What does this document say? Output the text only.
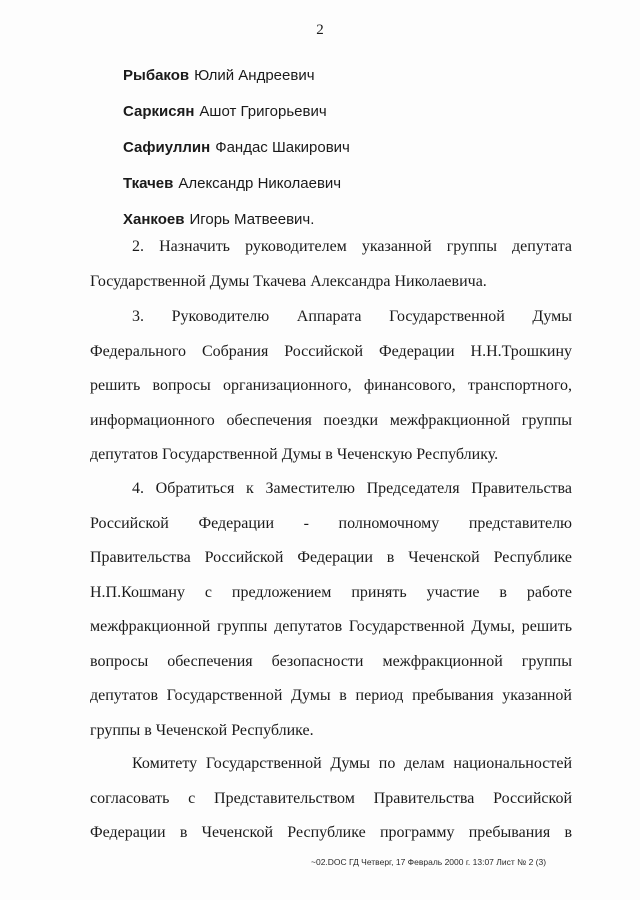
2
Рыбаков Юлий Андреевич
Саркисян Ашот Григорьевич
Сафиуллин Фандас Шакирович
Ткачев Александр Николаевич
Ханкоев Игорь Матвеевич.
2. Назначить руководителем указанной группы депутата
Государственной Думы Ткачева Александра Николаевича.
3. Руководителю Аппарата Государственной Думы
Федерального Собрания Российской Федерации Н.Н.Трошкину
решить вопросы организационного, финансового, транспортного,
информационного обеспечения поездки межфракционной группы
депутатов Государственной Думы в Чеченскую Республику.
4. Обратиться к Заместителю Председателя Правительства
Российской Федерации - полномочному представителю
Правительства Российской Федерации в Чеченской Республике
Н.П.Кошману с предложением принять участие в работе
межфракционной группы депутатов Государственной Думы, решить
вопросы обеспечения безопасности межфракционной группы
депутатов Государственной Думы в период пребывания указанной
группы в Чеченской Республике.
Комитету Государственной Думы по делам национальностей
согласовать с Представительством Правительства Российской
Федерации в Чеченской Республике программу пребывания в
~02.DOC ГД Четверг, 17 Февраль 2000 г. 13:07 Лист № 2 (3)
